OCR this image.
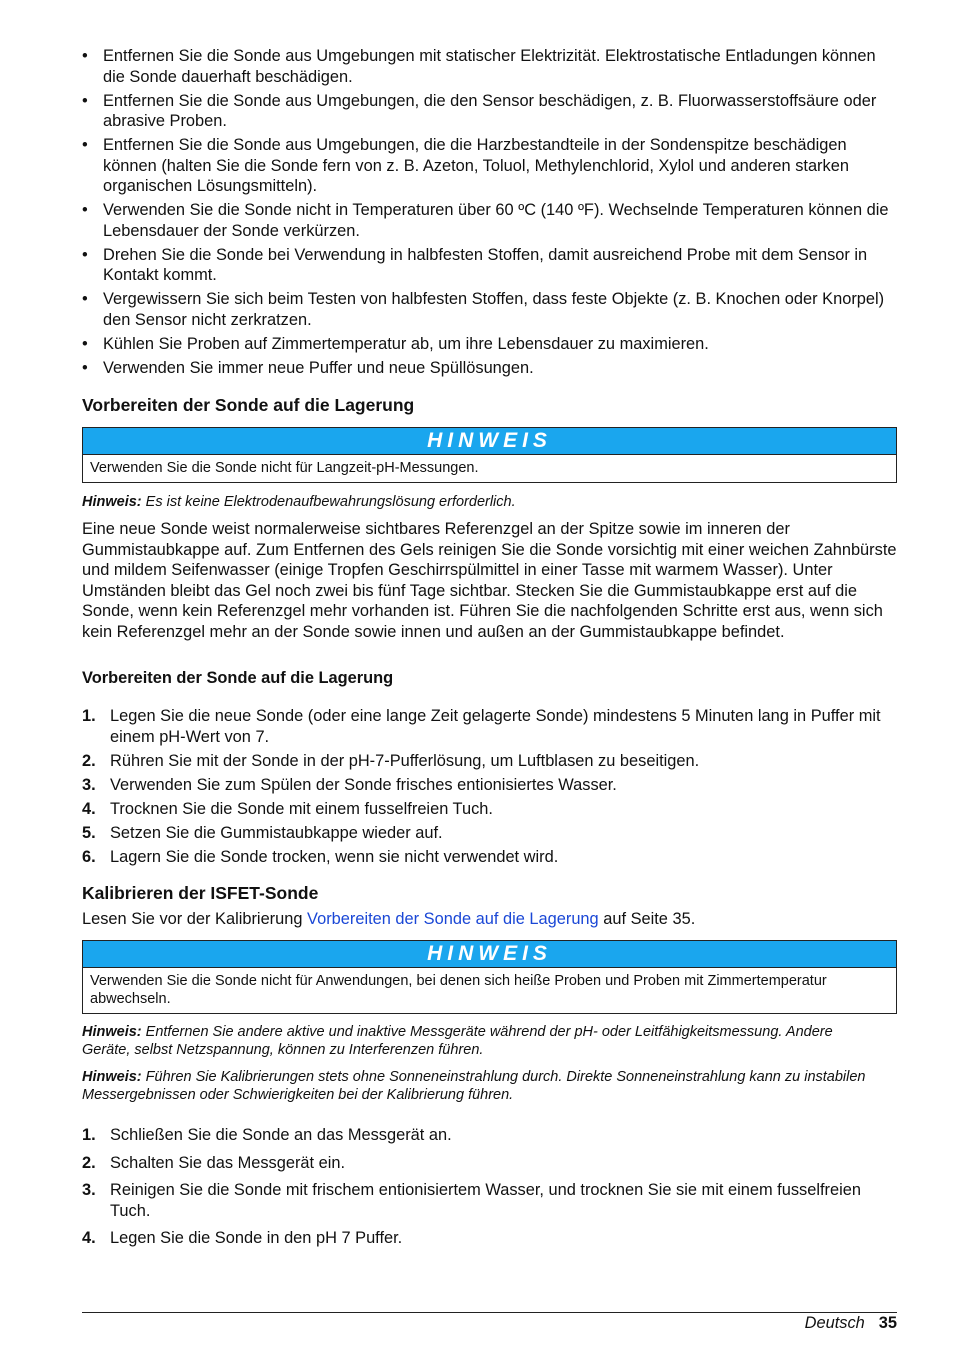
• Entfernen Sie die Sonde aus Umgebungen mit statischer Elektrizität. Elektrostatische Entladungen können die Sonde dauerhaft beschädigen.
• Entfernen Sie die Sonde aus Umgebungen, die den Sensor beschädigen, z. B. Fluorwasserstoffsäure oder abrasive Proben.
• Entfernen Sie die Sonde aus Umgebungen, die die Harzbestandteile in der Sondenspitze beschädigen können (halten Sie die Sonde fern von z. B. Azeton, Toluol, Methylenchlorid, Xylol und anderen starken organischen Lösungsmitteln).
• Verwenden Sie die Sonde nicht in Temperaturen über 60 ºC (140 ºF). Wechselnde Temperaturen können die Lebensdauer der Sonde verkürzen.
• Drehen Sie die Sonde bei Verwendung in halbfesten Stoffen, damit ausreichend Probe mit dem Sensor in Kontakt kommt.
• Vergewissern Sie sich beim Testen von halbfesten Stoffen, dass feste Objekte (z. B. Knochen oder Knorpel) den Sensor nicht zerkratzen.
• Kühlen Sie Proben auf Zimmertemperatur ab, um ihre Lebensdauer zu maximieren.
• Verwenden Sie immer neue Puffer und neue Spüllösungen.
Vorbereiten der Sonde auf die Lagerung
HINWEIS
Verwenden Sie die Sonde nicht für Langzeit-pH-Messungen.

Hinweis: Es ist keine Elektrodenaufbewahrungslösung erforderlich.

Eine neue Sonde weist normalerweise sichtbares Referenzgel an der Spitze sowie im inneren der Gummistaubkappe auf. Zum Entfernen des Gels reinigen Sie die Sonde vorsichtig mit einer weichen Zahnbürste und mildem Seifenwasser (einige Tropfen Geschirrspülmittel in einer Tasse mit warmem Wasser). Unter Umständen bleibt das Gel noch zwei bis fünf Tage sichtbar. Stecken Sie die Gummistaubkappe erst auf die Sonde, wenn kein Referenzgel mehr vorhanden ist. Führen Sie die nachfolgenden Schritte erst aus, wenn sich kein Referenzgel mehr an der Sonde sowie innen und außen an der Gummistaubkappe befindet.

Vorbereiten der Sonde auf die Lagerung

1. Legen Sie die neue Sonde (oder eine lange Zeit gelagerte Sonde) mindestens 5 Minuten lang in Puffer mit einem pH-Wert von 7.
2. Rühren Sie mit der Sonde in der pH-7-Pufferlösung, um Luftblasen zu beseitigen.
3. Verwenden Sie zum Spülen der Sonde frisches entionisiertes Wasser.
4. Trocknen Sie die Sonde mit einem fusselfreien Tuch.
5. Setzen Sie die Gummistaubkappe wieder auf.
6. Lagern Sie die Sonde trocken, wenn sie nicht verwendet wird.
Kalibrieren der ISFET-Sonde

Lesen Sie vor der Kalibrierung Vorbereiten der Sonde auf die Lagerung auf Seite 35.

HINWEIS
Verwenden Sie die Sonde nicht für Anwendungen, bei denen sich heiße Proben und Proben mit Zimmertemperatur abwechseln.

Hinweis: Entfernen Sie andere aktive und inaktive Messgeräte während der pH- oder Leitfähigkeitsmessung. Andere Geräte, selbst Netzspannung, können zu Interferenzen führen.

Hinweis: Führen Sie Kalibrierungen stets ohne Sonneneinstrahlung durch. Direkte Sonneneinstrahlung kann zu instabilen Messergebnissen oder Schwierigkeiten bei der Kalibrierung führen.

1. Schließen Sie die Sonde an das Messgerät an.
2. Schalten Sie das Messgerät ein.
3. Reinigen Sie die Sonde mit frischem entionisiertem Wasser, und trocknen Sie sie mit einem fusselfreien Tuch.
4. Legen Sie die Sonde in den pH 7 Puffer.
Deutsch 35
